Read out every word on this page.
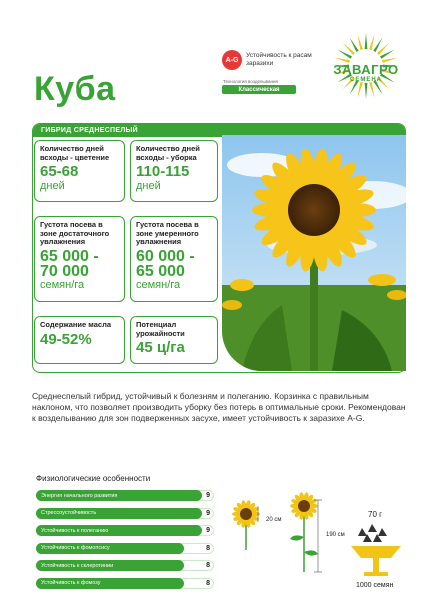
Куба
A-G
Устойчивость к расам заразихи
Технология возделывания
Классическая
ЗАВАГРО
СЕМЕНА
ГИБРИД СРЕДНЕСПЕЛЫЙ
Количество дней всходы - цветение
65-68
дней
Количество дней всходы - уборка
110-115
дней
Густота посева в зоне достаточного увлажнения
65 000 - 70 000
семян/га
Густота посева в зоне умеренного увлажнения
60 000 - 65 000
семян/га
Содержание масла
49-52%
Потенциал урожайности
45 ц/га
Среднеспелый гибрид, устойчивый к болезням и полеганию. Корзинка с правильным наклоном, что позволяет производить уборку без потерь в оптимальные сроки. Рекомендован к возделыванию для зон подверженных засухе, имеет устойчивость к заразихе A-G.
Физиологические особенности
Энергия начального развития	9
Стрессоустойчивость	9
Устойчивость к полеганию	9
Устойчивость к фомопсису	8
Устойчивость к склеротинии	8
Устойчивость к фомозу	8
20 см
190 см
70 г
1000 семян
